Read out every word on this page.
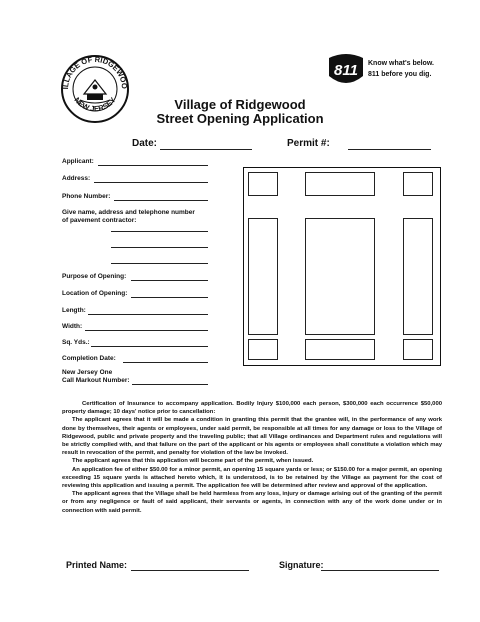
ILLAGE OF RIDGEWOO
NEW JERSEY
811 Know what's below.
811 before you dig.
Village of Ridgewood
Street Opening Application
Date:	Permit #:
Applicant:
Address:
Phone Number:
Give name, address and telephone number
of pavement contractor:
Purpose of Opening:
Location of Opening:
Length:
Width:
Sq. Yds.:
Completion Date:
New Jersey One
Call Markout Number:

Certification of Insurance to accompany application. Bodily Injury $100,000 each person, $300,000 each occurrence $50,000 property damage; 10 days' notice prior to cancellation:

The applicant agrees that it will be made a condition in granting this permit that the grantee will, in the performance of any work done by themselves, their agents or employees, under said permit, be responsible at all times for any damage or loss to the Village of Ridgewood, public and private property and the traveling public; that all Village ordinances and Department rules and regulations will be strictly complied with, and that failure on the part of the applicant or his agents or employees shall constitute a violation which may result in revocation of the permit, and penalty for violation of the law be invoked.

The applicant agrees that this application will become part of the permit, when issued.

An application fee of either $50.00 for a minor permit, an opening 15 square yards or less; or $150.00 for a major permit, an opening exceeding 15 square yards is attached hereto which, it is understood, is to be retained by the Village as payment for the cost of reviewing this application and issuing a permit. The application fee will be determined after review and approval of the application.

The applicant agrees that the Village shall be held harmless from any loss, injury or damage arising out of the granting of the permit or from any negligence or fault of said applicant, their servants or agents, in connection with any of the work done under or in connection with said permit.

Printed Name:	Signature:
